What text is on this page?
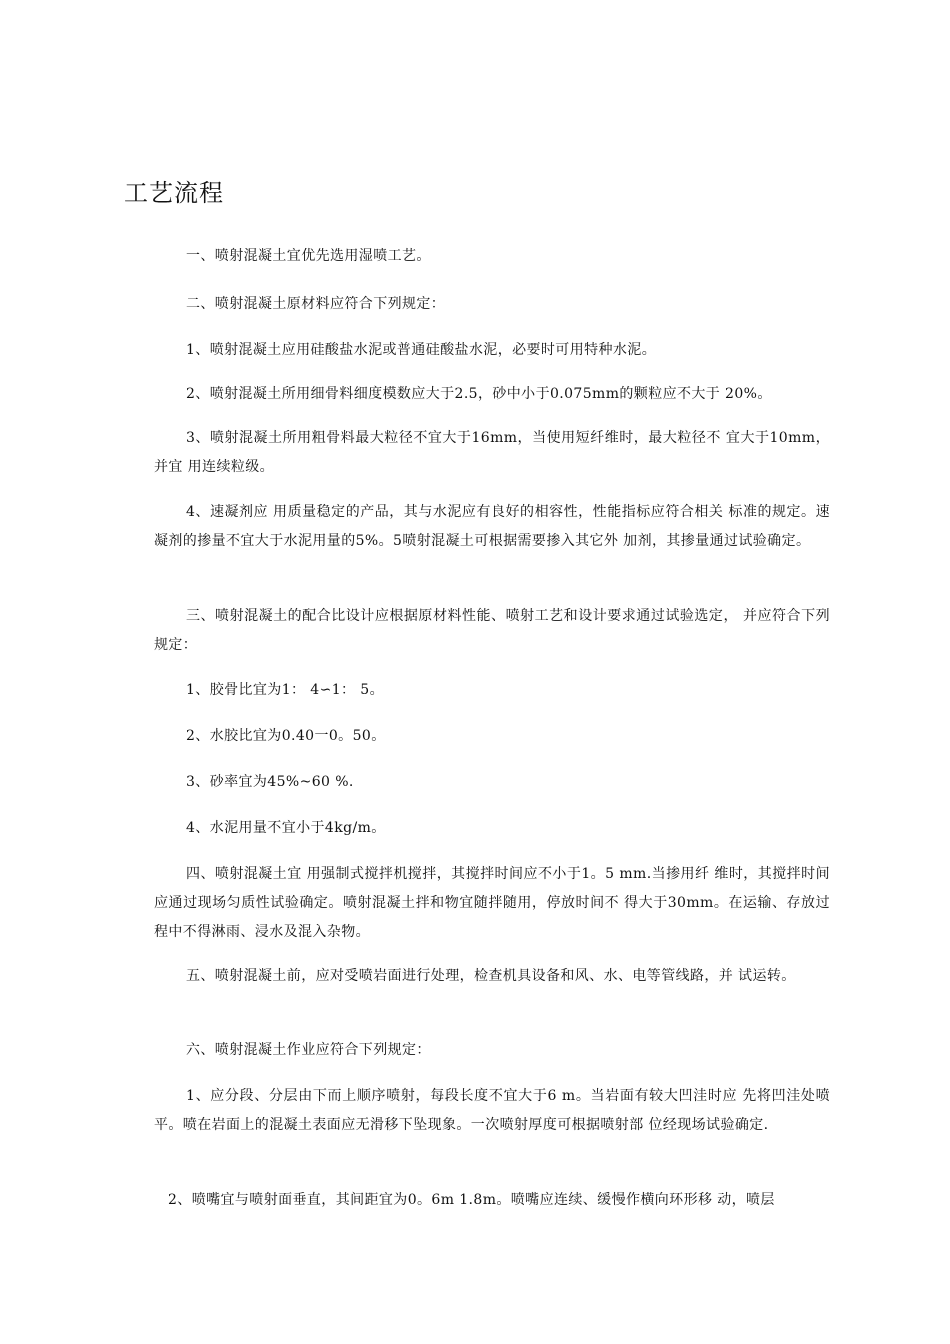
工艺流程

一、喷射混凝土宜优先选用湿喷工艺。

二、喷射混凝土原材料应符合下列规定：

1、喷射混凝土应用硅酸盐水泥或普通硅酸盐水泥，必要时可用特种水泥。

2、喷射混凝土所用细骨料细度模数应大于2.5，砂中小于0.075mm的颗粒应不大于 20%。

3、喷射混凝土所用粗骨料最大粒径不宜大于16mm，当使用短纤维时，最大粒径不 宜大于10mm，并宜 用连续粒级。

4、速凝剂应 用质量稳定的产品，其与水泥应有良好的相容性，性能指标应符合相关 标准的规定。速凝剂的掺量不宜大于水泥用量的5%。5喷射混凝土可根据需要掺入其它外 加剂，其掺量通过试验确定。

三、喷射混凝土的配合比设计应根据原材料性能、喷射工艺和设计要求通过试验选定， 并应符合下列规定：

1、胶骨比宜为1： 4∽1： 5。

2、水胶比宜为0.40一0。50。

3、砂率宜为45%~60 %.

4、水泥用量不宜小于4kg/m。

四、喷射混凝土宜 用强制式搅拌机搅拌，其搅拌时间应不小于1。5 mm.当掺用纤 维时，其搅拌时间应通过现场匀质性试验确定。喷射混凝土拌和物宜随拌随用，停放时间不 得大于30mm。在运输、存放过程中不得淋雨、浸水及混入杂物。

五、喷射混凝土前，应对受喷岩面进行处理，检查机具设备和风、水、电等管线路，并 试运转。

六、喷射混凝土作业应符合下列规定：

1、应分段、分层由下而上顺序喷射，每段长度不宜大于6 m。当岩面有较大凹洼时应 先将凹洼处喷平。喷在岩面上的混凝土表面应无滑移下坠现象。一次喷射厚度可根据喷射部 位经现场试验确定.

2、喷嘴宜与喷射面垂直，其间距宜为0。6m 1.8m。喷嘴应连续、缓慢作横向环形移 动，喷层
